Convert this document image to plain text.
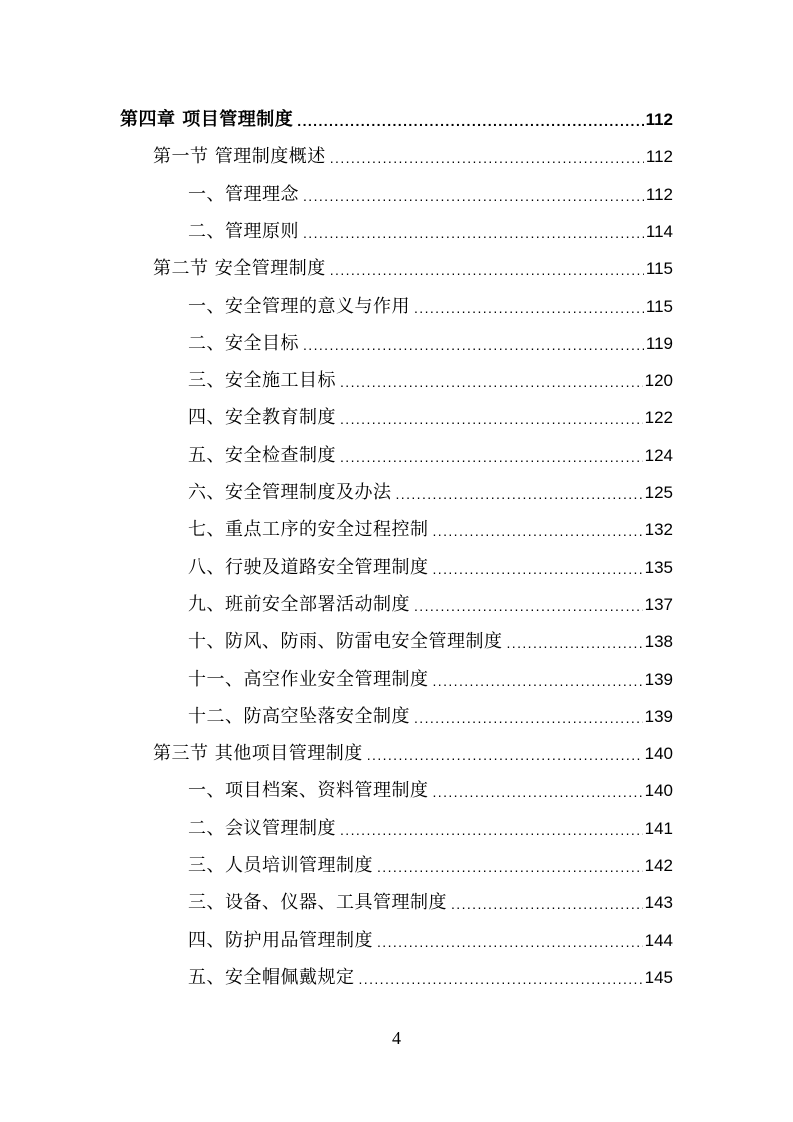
第四章 项目管理制度 .....	112
第一节 管理制度概述 .....	112
一、管理理念 .....	112
二、管理原则 .....	114
第二节 安全管理制度 .....	115
一、安全管理的意义与作用 .....	115
二、安全目标 .....	119
三、安全施工目标 .....	120
四、安全教育制度 .....	122
五、安全检查制度 .....	124
六、安全管理制度及办法 .....	125
七、重点工序的安全过程控制 .....	132
八、行驶及道路安全管理制度 .....	135
九、班前安全部署活动制度 .....	137
十、防风、防雨、防雷电安全管理制度 .....	138
十一、高空作业安全管理制度 .....	139
十二、防高空坠落安全制度 .....	139
第三节 其他项目管理制度 .....	140
一、项目档案、资料管理制度 .....	140
二、会议管理制度 .....	141
三、人员培训管理制度 .....	142
三、设备、仪器、工具管理制度 .....	143
四、防护用品管理制度 .....	144
五、安全帽佩戴规定 .....	145
4
